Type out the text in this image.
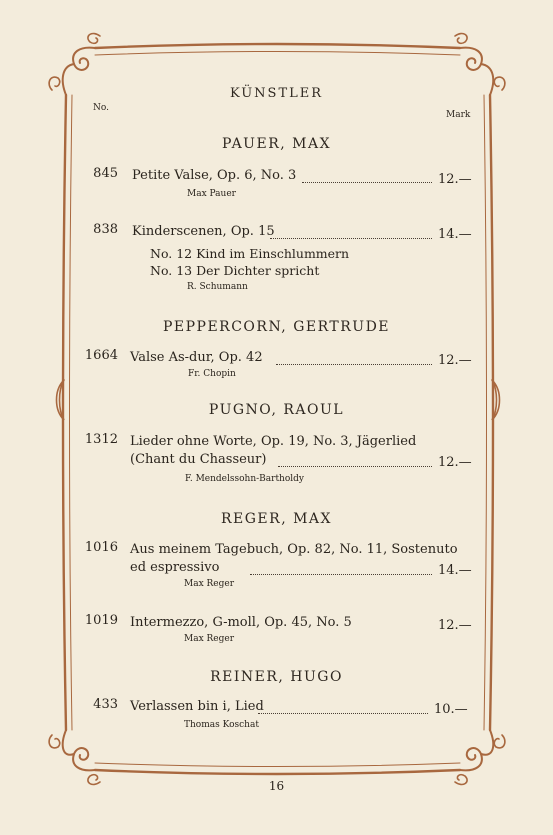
No.
Mark
KÜNSTLER
PAUER, MAX
845 Petite Valse, Op. 6, No. 3	12.—
Max Pauer
838 Kinderscenen, Op. 15	14.—
No. 12 Kind im Einschlummern
No. 13 Der Dichter spricht
R. Schumann
PEPPERCORN, GERTRUDE
1664 Valse As-dur, Op. 42	12.—
Fr. Chopin
PUGNO, RAOUL
1312 Lieder ohne Worte, Op. 19, No. 3, Jägerlied
(Chant du Chasseur)	12.—
F. Mendelssohn-Bartholdy
REGER, MAX
1016 Aus meinem Tagebuch, Op. 82, No. 11, Sostenuto
ed espressivo	14.—
Max Reger
1019 Intermezzo, G-moll, Op. 45, No. 5	12.—
Max Reger
REINER, HUGO
433 Verlassen bin i, Lied	10.—
Thomas Koschat
16
